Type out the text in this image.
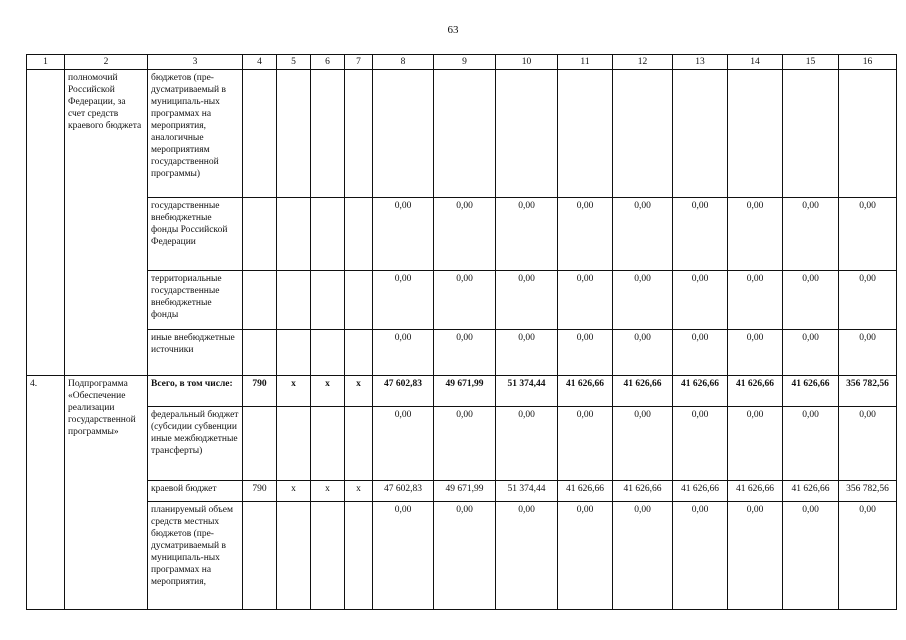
63
1	2	3	4	5	6	7	8	9	10	11	12	13	14	15	16
	полномочий Российской Федерации, за счет средств краевого бюджета	бюджетов (пре-дусматриваемый в муниципаль-ных программах на мероприятия, аналогичные мероприятиям государственной программы)													
		государственные внебюджетные фонды Российской Федерации					0,00	0,00	0,00	0,00	0,00	0,00	0,00	0,00	0,00
		территориальные государственные внебюджетные фонды					0,00	0,00	0,00	0,00	0,00	0,00	0,00	0,00	0,00
		иные внебюджетные источники					0,00	0,00	0,00	0,00	0,00	0,00	0,00	0,00	0,00
4.	Подпрограмма «Обеспечение реализации государственной программы»	Всего, в том числе:	790	х	х	х	47 602,83	49 671,99	51 374,44	41 626,66	41 626,66	41 626,66	41 626,66	41 626,66	356 782,56
		федеральный бюджет (субсидии субвенции иные межбюджетные трансферты)					0,00	0,00	0,00	0,00	0,00	0,00	0,00	0,00	0,00
		краевой бюджет	790	х	х	х	47 602,83	49 671,99	51 374,44	41 626,66	41 626,66	41 626,66	41 626,66	41 626,66	356 782,56
		планируемый объем средств местных бюджетов (пре-дусматриваемый в муниципаль-ных программах на мероприятия,					0,00	0,00	0,00	0,00	0,00	0,00	0,00	0,00	0,00
